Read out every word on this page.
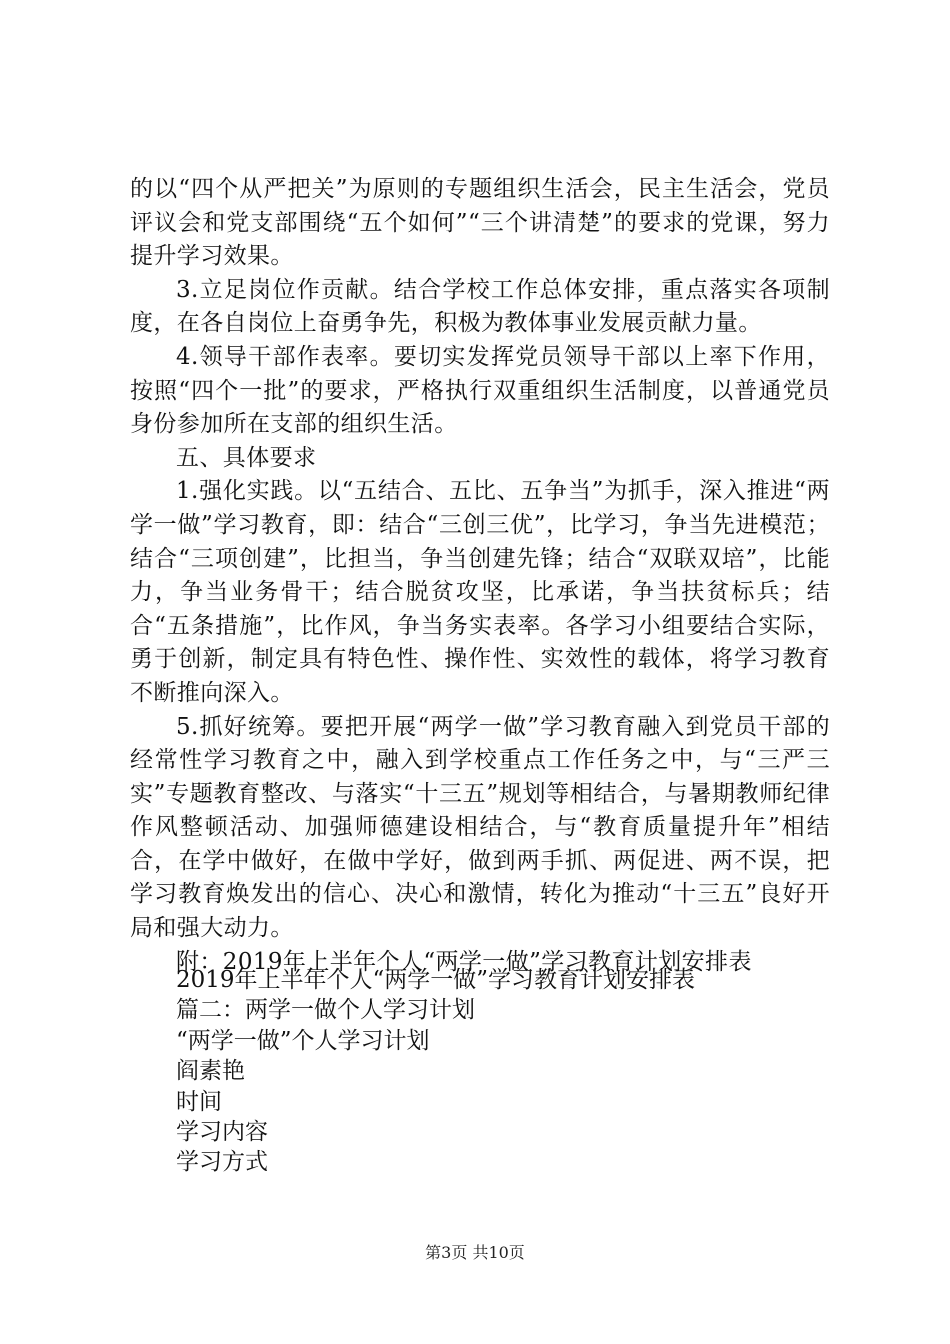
的以“四个从严把关”为原则的专题组织生活会，民主生活会，党员评议会和党支部围绕“五个如何”“三个讲清楚”的要求的党课，努力提升学习效果。

3.立足岗位作贡献。结合学校工作总体安排，重点落实各项制度，在各自岗位上奋勇争先，积极为教体事业发展贡献力量。

4.领导干部作表率。要切实发挥党员领导干部以上率下作用，按照“四个一批”的要求，严格执行双重组织生活制度，以普通党员身份参加所在支部的组织生活。

五、具体要求

1.强化实践。以“五结合、五比、五争当”为抓手，深入推进“两学一做”学习教育，即：结合“三创三优”，比学习，争当先进模范；结合“三项创建”，比担当，争当创建先锋；结合“双联双培”，比能力，争当业务骨干；结合脱贫攻坚，比承诺，争当扶贫标兵；结合“五条措施”，比作风，争当务实表率。各学习小组要结合实际，勇于创新，制定具有特色性、操作性、实效性的载体，将学习教育不断推向深入。

5.抓好统筹。要把开展“两学一做”学习教育融入到党员干部的经常性学习教育之中，融入到学校重点工作任务之中，与“三严三实”专题教育整改、与落实“十三五”规划等相结合，与暑期教师纪律作风整顿活动、加强师德建设相结合，与“教育质量提升年”相结合，在学中做好，在做中学好，做到两手抓、两促进、两不误，把学习教育焕发出的信心、决心和激情，转化为推动“十三五”良好开局和强大动力。

附：2019年上半年个人“两学一做”学习教育计划安排表

2019年上半年个人“两学一做”学习教育计划安排表

篇二：两学一做个人学习计划

“两学一做”个人学习计划

阎素艳

时间

学习内容

学习方式

第3页 共10页
